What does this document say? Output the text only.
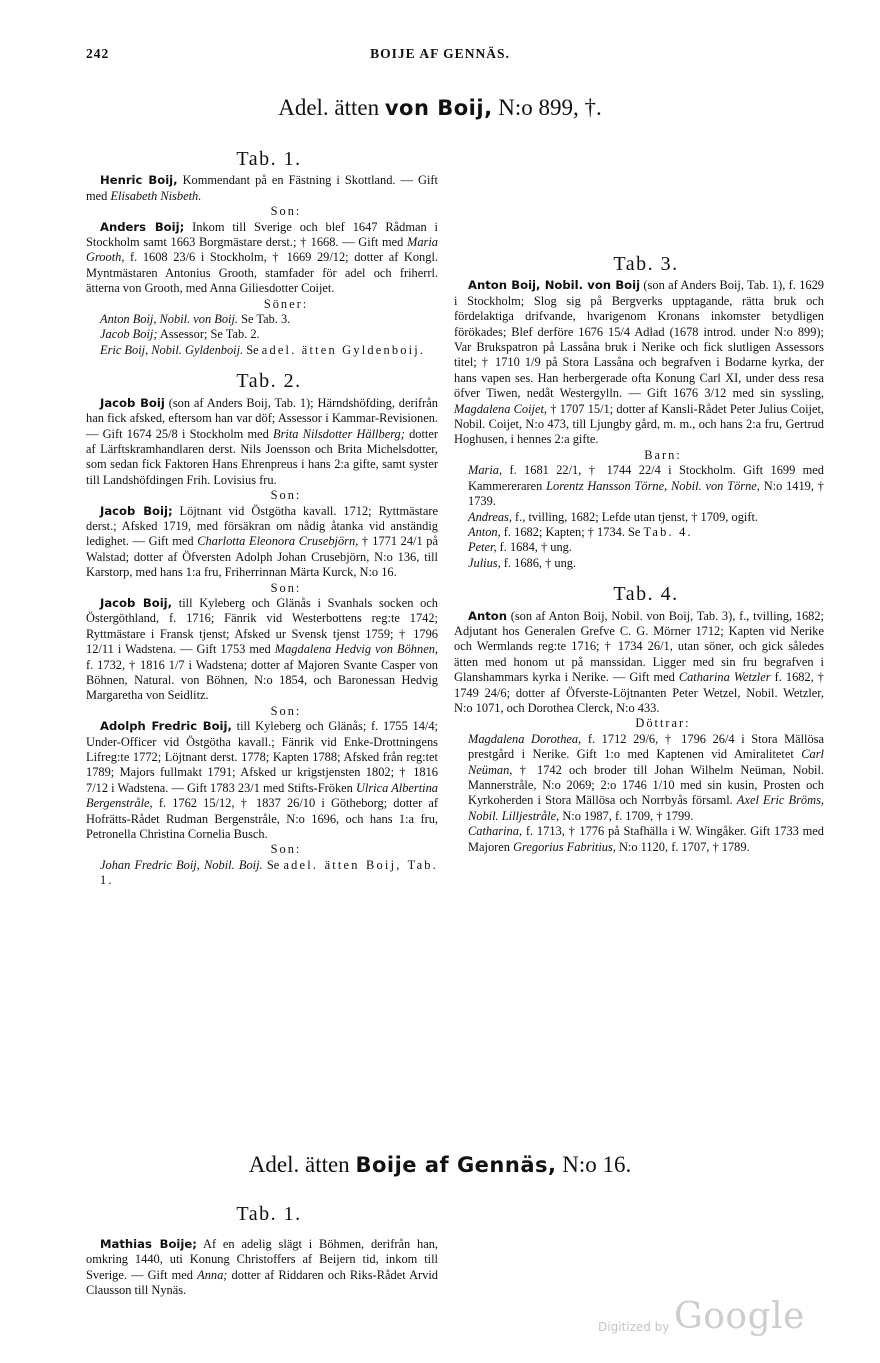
242	BOIJE AF GENNÄS.
Adel. ätten von Boij, N:o 899, †.

Tab. 1.

Henric Boij, Kommendant på en Fästning i Skottland. — Gift med Elisabeth Nisbeth.

Son:

Anders Boij; Inkom till Sverige och blef 1647 Rådman i Stockholm samt 1663 Borgmästare derst.; † 1668. — Gift med Maria Grooth, f. 1608 23/6 i Stockholm, † 1669 29/12; dotter af Kongl. Myntmästaren Antonius Grooth, stamfader för adel och friherrl. ätterna von Grooth, med Anna Giliesdotter Coijet.

Söner:

Anton Boij, Nobil. von Boij. Se Tab. 3.

Jacob Boij; Assessor; Se Tab. 2.

Eric Boij, Nobil. Gyldenboij. Se adel. ätten Gyldenboij.

Tab. 2.

Jacob Boij (son af Anders Boij, Tab. 1); Härndshöfding, derifrån han fick afsked, eftersom han var döf; Assessor i Kammar-Revisionen. — Gift 1674 25/8 i Stockholm med Brita Nilsdotter Hällberg; dotter af Lärftskramhandlaren derst. Nils Joensson och Brita Michelsdotter, som sedan fick Faktoren Hans Ehrenpreus i hans 2:a gifte, samt syster till Landshöfdingen Frih. Lovisius fru.

Son:

Jacob Boij; Löjtnant vid Östgötha kavall. 1712; Ryttmästare derst.; Afsked 1719, med försäkran om nådig åtanka vid anständig ledighet. — Gift med Charlotta Eleonora Crusebjörn, † 1771 24/1 på Walstad; dotter af Öfversten Adolph Johan Crusebjörn, N:o 136, till Karstorp, med hans 1:a fru, Friherrinnan Märta Kurck, N:o 16.

Son:

Jacob Boij, till Kyleberg och Glänås i Svanhals socken och Östergöthland, f. 1716; Fänrik vid Westerbottens reg:te 1742; Ryttmästare i Fransk tjenst; Afsked ur Svensk tjenst 1759; † 1796 12/11 i Wadstena. — Gift 1753 med Magdalena Hedvig von Böhnen, f. 1732, † 1816 1/7 i Wadstena; dotter af Majoren Svante Casper von Böhnen, Natural. von Böhnen, N:o 1854, och Baronessan Hedvig Margaretha von Seidlitz.

Son:

Adolph Fredric Boij, till Kyleberg och Glänås; f. 1755 14/4; Under-Officer vid Östgötha kavall.; Fänrik vid Enke-Drottningens Lifreg:te 1772; Löjtnant derst. 1778; Kapten 1788; Afsked från reg:tet 1789; Majors fullmakt 1791; Afsked ur krigstjensten 1802; † 1816 7/12 i Wadstena. — Gift 1783 23/1 med Stifts-Fröken Ulrica Albertina Bergenstråle, f. 1762 15/12, † 1837 26/10 i Götheborg; dotter af Hofrätts-Rådet Rudman Bergenstråle, N:o 1696, och hans 1:a fru, Petronella Christina Cornelia Busch.

Son:

Johan Fredric Boij, Nobil. Boij. Se adel. ätten Boij, Tab. 1.

Tab. 3.

Anton Boij, Nobil. von Boij (son af Anders Boij, Tab. 1), f. 1629 i Stockholm; Slog sig på Bergverks upptagande, rätta bruk och fördelaktiga drifvande, hvarigenom Kronans inkomster betydligen förökades; Blef derföre 1676 15/4 Adlad (1678 introd. under N:o 899); Var Brukspatron på Lassåna bruk i Nerike och fick slutligen Assessors titel; † 1710 1/9 på Stora Lassåna och begrafven i Bodarne kyrka, der hans vapen ses. Han herbergerade ofta Konung Carl XI, under dess resa öfver Tiwen, nedåt Westergylln. — Gift 1676 3/12 med sin syssling, Magdalena Coijet, † 1707 15/1; dotter af Kansli-Rådet Peter Julius Coijet, Nobil. Coijet, N:o 473, till Ljungby gård, m. m., och hans 2:a fru, Gertrud Hoghusen, i hennes 2:a gifte.

Barn:

Maria, f. 1681 22/1, † 1744 22/4 i Stockholm. Gift 1699 med Kammereraren Lorentz Hansson Törne, Nobil. von Törne, N:o 1419, † 1739.

Andreas, f., tvilling, 1682; Lefde utan tjenst, † 1709, ogift.

Anton, f. 1682; Kapten; † 1734. Se Tab. 4.

Peter, f. 1684, † ung.

Julius, f. 1686, † ung.

Tab. 4.

Anton (son af Anton Boij, Nobil. von Boij, Tab. 3), f., tvilling, 1682; Adjutant hos Generalen Grefve C. G. Mörner 1712; Kapten vid Nerike och Wermlands reg:te 1716; † 1734 26/1, utan söner, och gick således ätten med honom ut på manssidan. Ligger med sin fru begrafven i Glanshammars kyrka i Nerike. — Gift med Catharina Wetzler f. 1682, † 1749 24/6; dotter af Öfverste-Löjtnanten Peter Wetzel, Nobil. Wetzler, N:o 1071, och Dorothea Clerck, N:o 433.

Döttrar:

Magdalena Dorothea, f. 1712 29/6, † 1796 26/4 i Stora Mällösa prestgård i Nerike. Gift 1:o med Kaptenen vid Amiralitetet Carl Neüman, † 1742 och broder till Johan Wilhelm Neüman, Nobil. Mannerstråle, N:o 2069; 2:o 1746 1/10 med sin kusin, Prosten och Kyrkoherden i Stora Mällösa och Norrbyås församl. Axel Eric Bröms, Nobil. Lilljestråle, N:o 1987, f. 1709, † 1799.

Catharina, f. 1713, † 1776 på Stafhälla i W. Wingåker. Gift 1733 med Majoren Gregorius Fabritius, N:o 1120, f. 1707, † 1789.

Adel. ätten Boije af Gennäs, N:o 16.

Tab. 1.

Mathias Boije; Af en adelig slägt i Böhmen, derifrån han, omkring 1440, uti Konung Christoffers af Beijern tid, inkom till Sverige. — Gift med Anna; dotter af Riddaren och Riks-Rådet Arvid Clausson till Nynäs.

Digitized by Google
